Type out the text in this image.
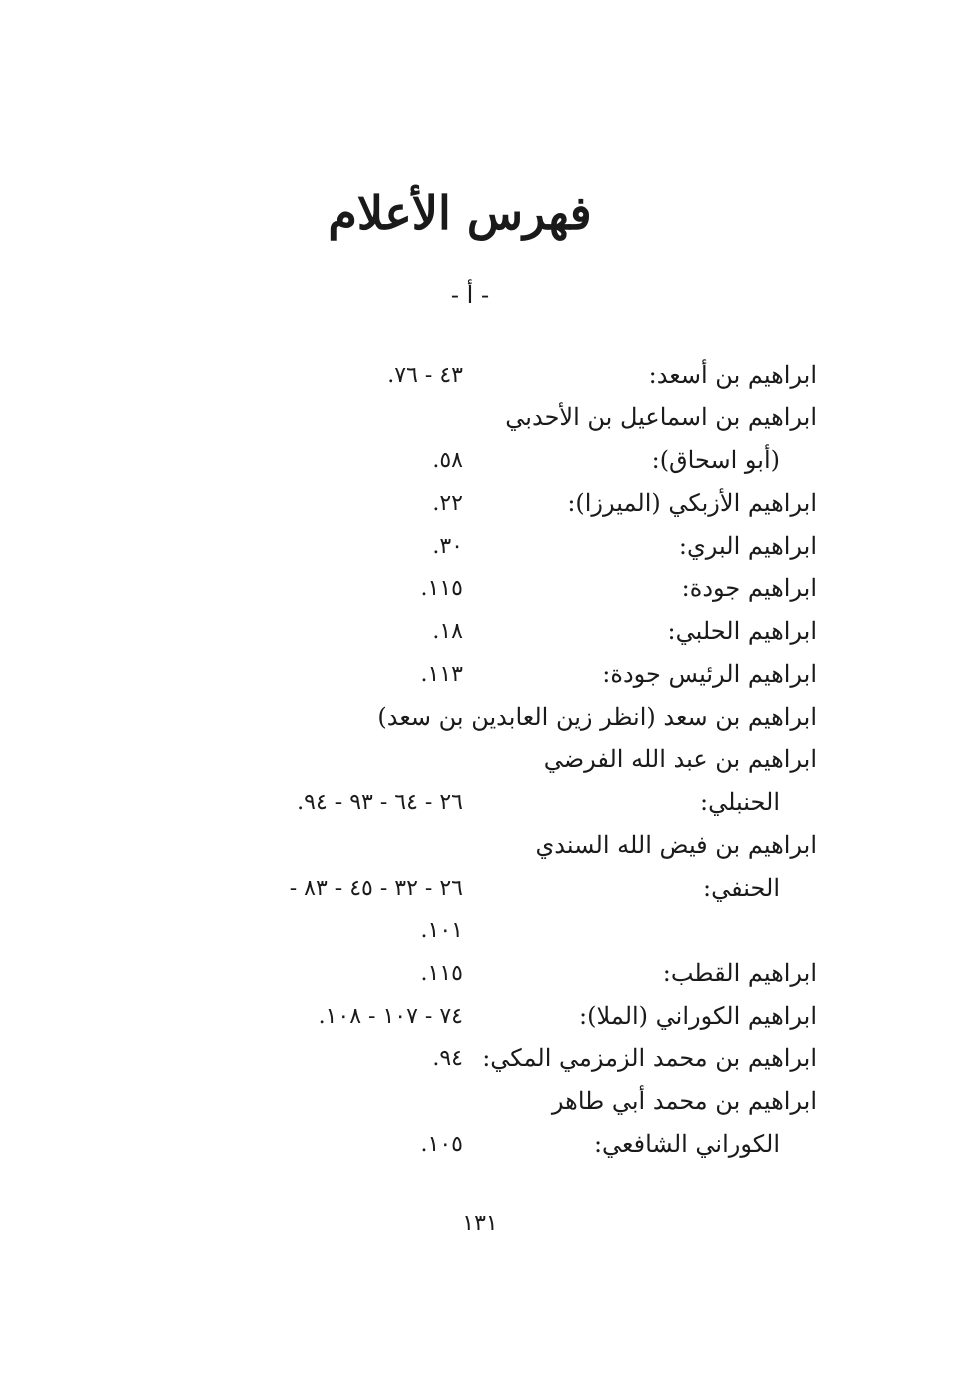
فهرس الأعلام
- أ -
ابراهيم بن أسعد:
٤٣ - ٧٦.
ابراهيم بن اسماعيل بن الأحدبي
(أبو اسحاق):
٥٨.
ابراهيم الأزبكي (الميرزا):
٢٢.
ابراهيم البري:
٣٠.
ابراهيم جودة:
١١٥.
ابراهيم الحلبي:
١٨.
ابراهيم الرئيس جودة:
١١٣.
ابراهيم بن سعد (انظر زين العابدين بن سعد)
ابراهيم بن عبد الله الفرضي
الحنبلي:
٢٦ - ٦٤ - ٩٣ - ٩٤.
ابراهيم بن فيض الله السندي
الحنفي:
٢٦ - ٣٢ - ٤٥ - ٨٣ -
١٠١.
ابراهيم القطب:
١١٥.
ابراهيم الكوراني (الملا):
٧٤ - ١٠٧ - ١٠٨.
ابراهيم بن محمد الزمزمي المكي:
٩٤.
ابراهيم بن محمد أبي طاهر
الكوراني الشافعي:
١٠٥.
١٣١
